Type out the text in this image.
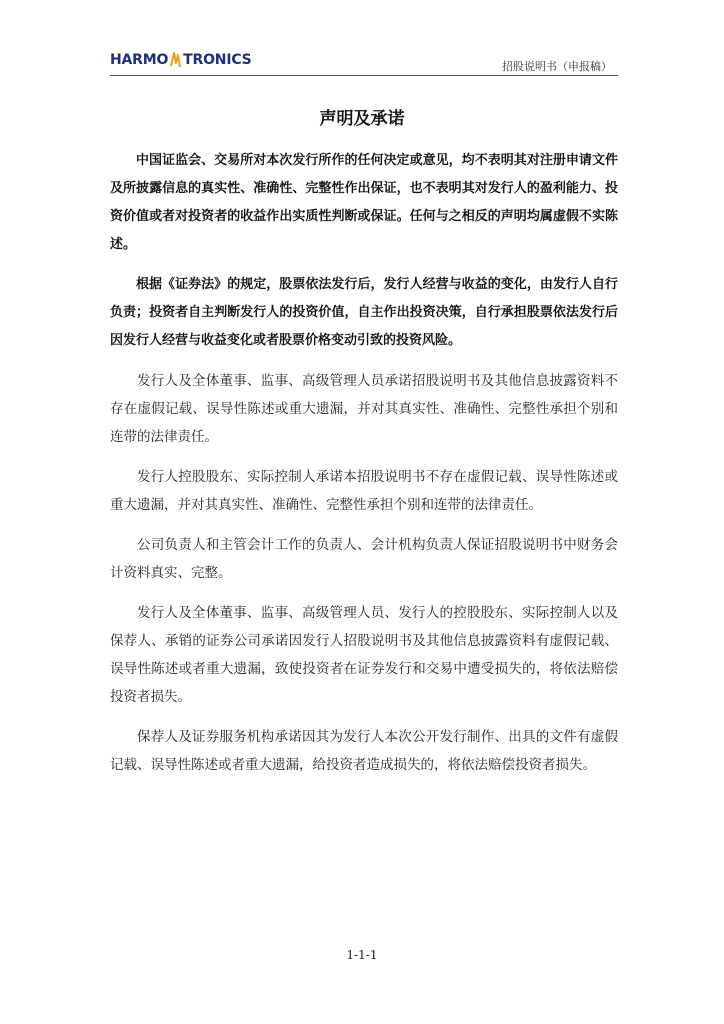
HARMO TRONICS	招股说明书（申报稿）
声明及承诺

中国证监会、交易所对本次发行所作的任何决定或意见，均不表明其对注册申请文件及所披露信息的真实性、准确性、完整性作出保证，也不表明其对发行人的盈利能力、投资价值或者对投资者的收益作出实质性判断或保证。任何与之相反的声明均属虚假不实陈述。

根据《证券法》的规定，股票依法发行后，发行人经营与收益的变化，由发行人自行负责；投资者自主判断发行人的投资价值，自主作出投资决策，自行承担股票依法发行后因发行人经营与收益变化或者股票价格变动引致的投资风险。

发行人及全体董事、监事、高级管理人员承诺招股说明书及其他信息披露资料不存在虚假记载、误导性陈述或重大遗漏，并对其真实性、准确性、完整性承担个别和连带的法律责任。

发行人控股股东、实际控制人承诺本招股说明书不存在虚假记载、误导性陈述或重大遗漏，并对其真实性、准确性、完整性承担个别和连带的法律责任。

公司负责人和主管会计工作的负责人、会计机构负责人保证招股说明书中财务会计资料真实、完整。

发行人及全体董事、监事、高级管理人员、发行人的控股股东、实际控制人以及保荐人、承销的证券公司承诺因发行人招股说明书及其他信息披露资料有虚假记载、误导性陈述或者重大遗漏，致使投资者在证券发行和交易中遭受损失的，将依法赔偿投资者损失。

保荐人及证券服务机构承诺因其为发行人本次公开发行制作、出具的文件有虚假记载、误导性陈述或者重大遗漏，给投资者造成损失的，将依法赔偿投资者损失。

1-1-1
